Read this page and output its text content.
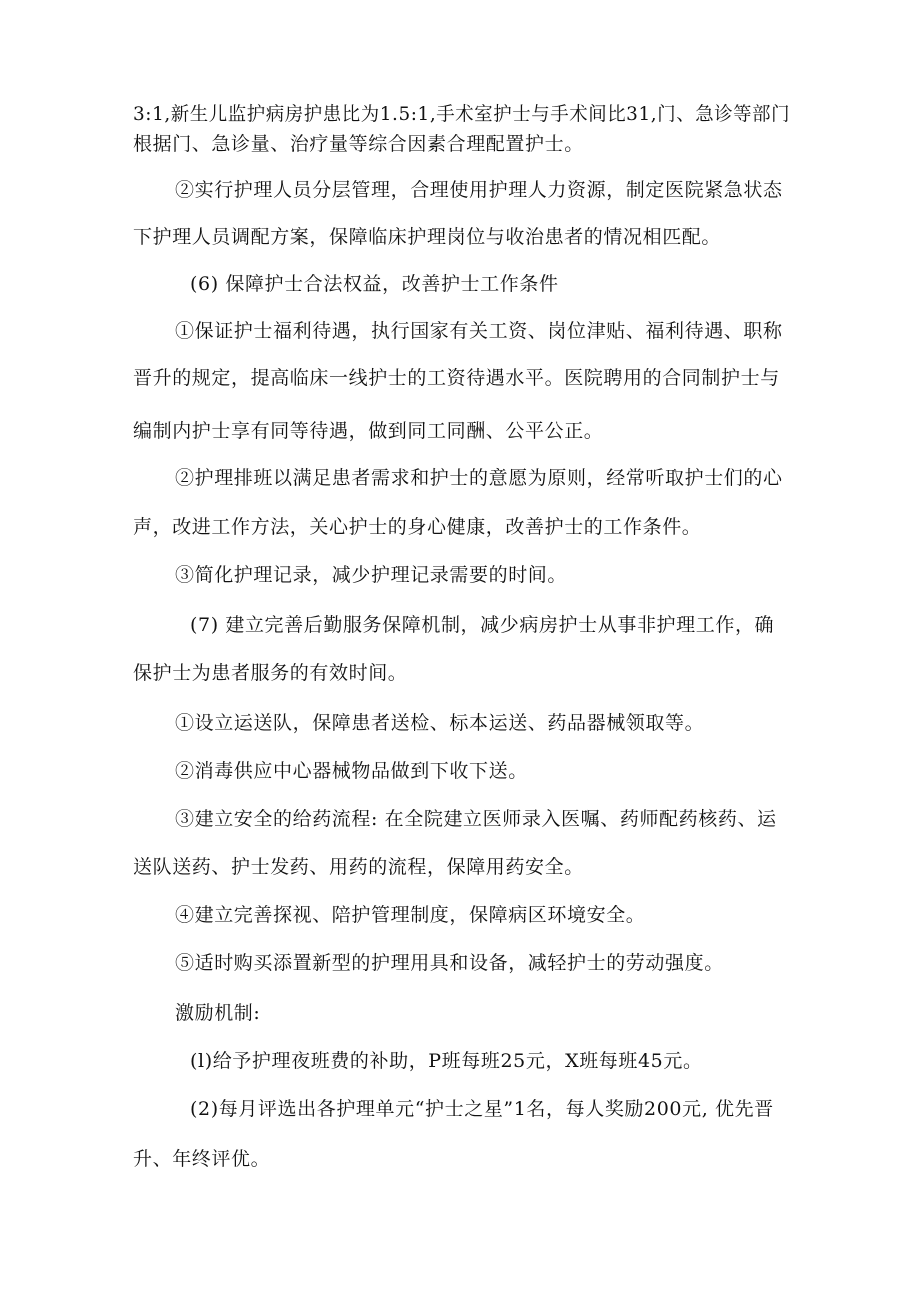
3:1,新生儿监护病房护患比为1.5:1,手术室护士与手术间比31,门、急诊等部门
根据门、急诊量、治疗量等综合因素合理配置护士。
②实行护理人员分层管理，合理使用护理人力资源，制定医院紧急状态
下护理人员调配方案，保障临床护理岗位与收治患者的情况相匹配。
(6) 保障护士合法权益，改善护士工作条件
①保证护士福利待遇，执行国家有关工资、岗位津贴、福利待遇、职称
晋升的规定，提高临床一线护士的工资待遇水平。医院聘用的合同制护士与
编制内护士享有同等待遇，做到同工同酬、公平公正。
②护理排班以满足患者需求和护士的意愿为原则，经常听取护士们的心
声，改进工作方法，关心护士的身心健康，改善护士的工作条件。
③简化护理记录，减少护理记录需要的时间。
(7) 建立完善后勤服务保障机制，减少病房护士从事非护理工作，确
保护士为患者服务的有效时间。
①设立运送队，保障患者送检、标本运送、药品器械领取等。
②消毒供应中心器械物品做到下收下送。
③建立安全的给药流程: 在全院建立医师录入医嘱、药师配药核药、运
送队送药、护士发药、用药的流程，保障用药安全。
④建立完善探视、陪护管理制度，保障病区环境安全。
⑤适时购买添置新型的护理用具和设备，减轻护士的劳动强度。
激励机制:
(l)给予护理夜班费的补助，P班每班25元，X班每班45元。
(2)每月评选出各护理单元“护士之星”1名，每人奖励200元, 优先晋
升、年终评优。
